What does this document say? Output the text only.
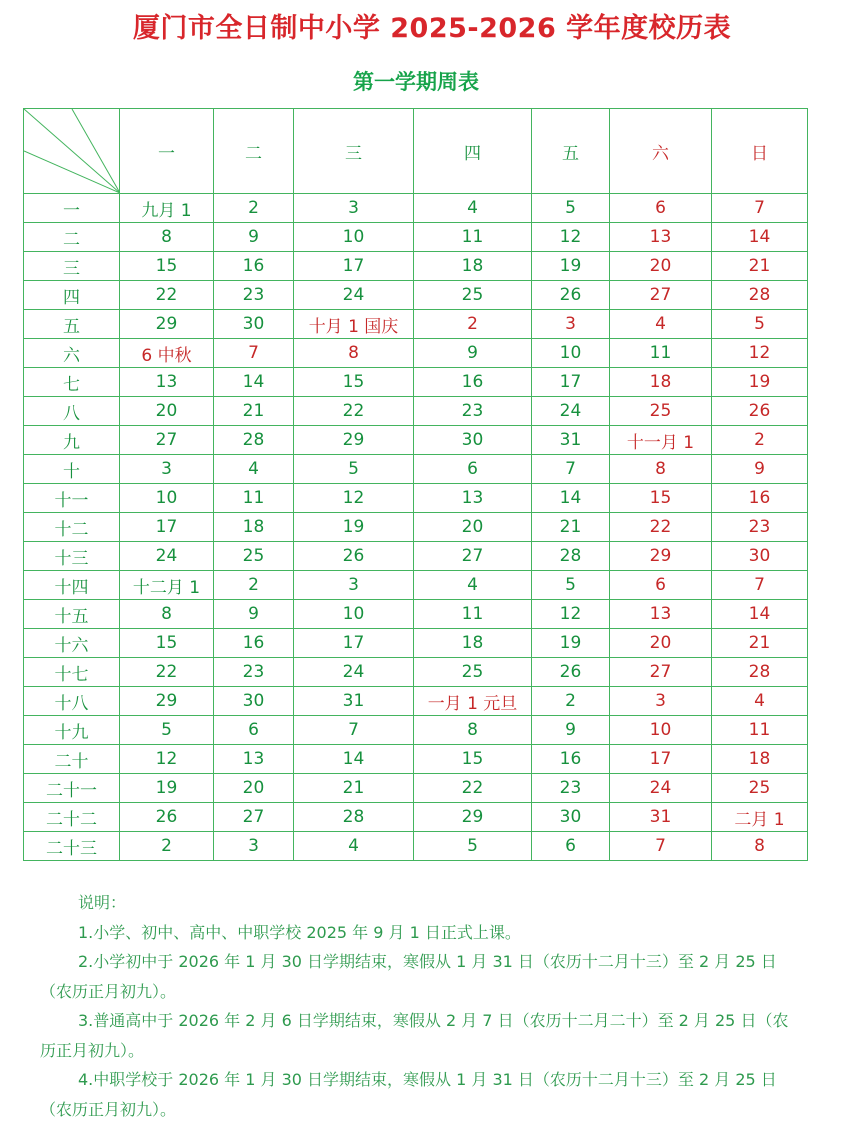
厦门市全日制中小学 2025-2026 学年度校历表
第一学期周表
	一	二	三	四	五	六	日
一	九月 1	2	3	4	5	6	7
二	8	9	10	11	12	13	14
三	15	16	17	18	19	20	21
四	22	23	24	25	26	27	28
五	29	30	十月 1 国庆	2	3	4	5
六	6 中秋	7	8	9	10	11	12
七	13	14	15	16	17	18	19
八	20	21	22	23	24	25	26
九	27	28	29	30	31	十一月 1	2
十	3	4	5	6	7	8	9
十一	10	11	12	13	14	15	16
十二	17	18	19	20	21	22	23
十三	24	25	26	27	28	29	30
十四	十二月 1	2	3	4	5	6	7
十五	8	9	10	11	12	13	14
十六	15	16	17	18	19	20	21
十七	22	23	24	25	26	27	28
十八	29	30	31	一月 1 元旦	2	3	4
十九	5	6	7	8	9	10	11
二十	12	13	14	15	16	17	18
二十一	19	20	21	22	23	24	25
二十二	26	27	28	29	30	31	二月 1
二十三	2	3	4	5	6	7	8

说明：

1.小学、初中、高中、中职学校 2025 年 9 月 1 日正式上课。

2.小学初中于 2026 年 1 月 30 日学期结束，寒假从 1 月 31 日（农历十二月十三）至 2 月 25 日（农历正月初九）。

3.普通高中于 2026 年 2 月 6 日学期结束，寒假从 2 月 7 日（农历十二月二十）至 2 月 25 日（农历正月初九）。

4.中职学校于 2026 年 1 月 30 日学期结束，寒假从 1 月 31 日（农历十二月十三）至 2 月 25 日（农历正月初九）。
